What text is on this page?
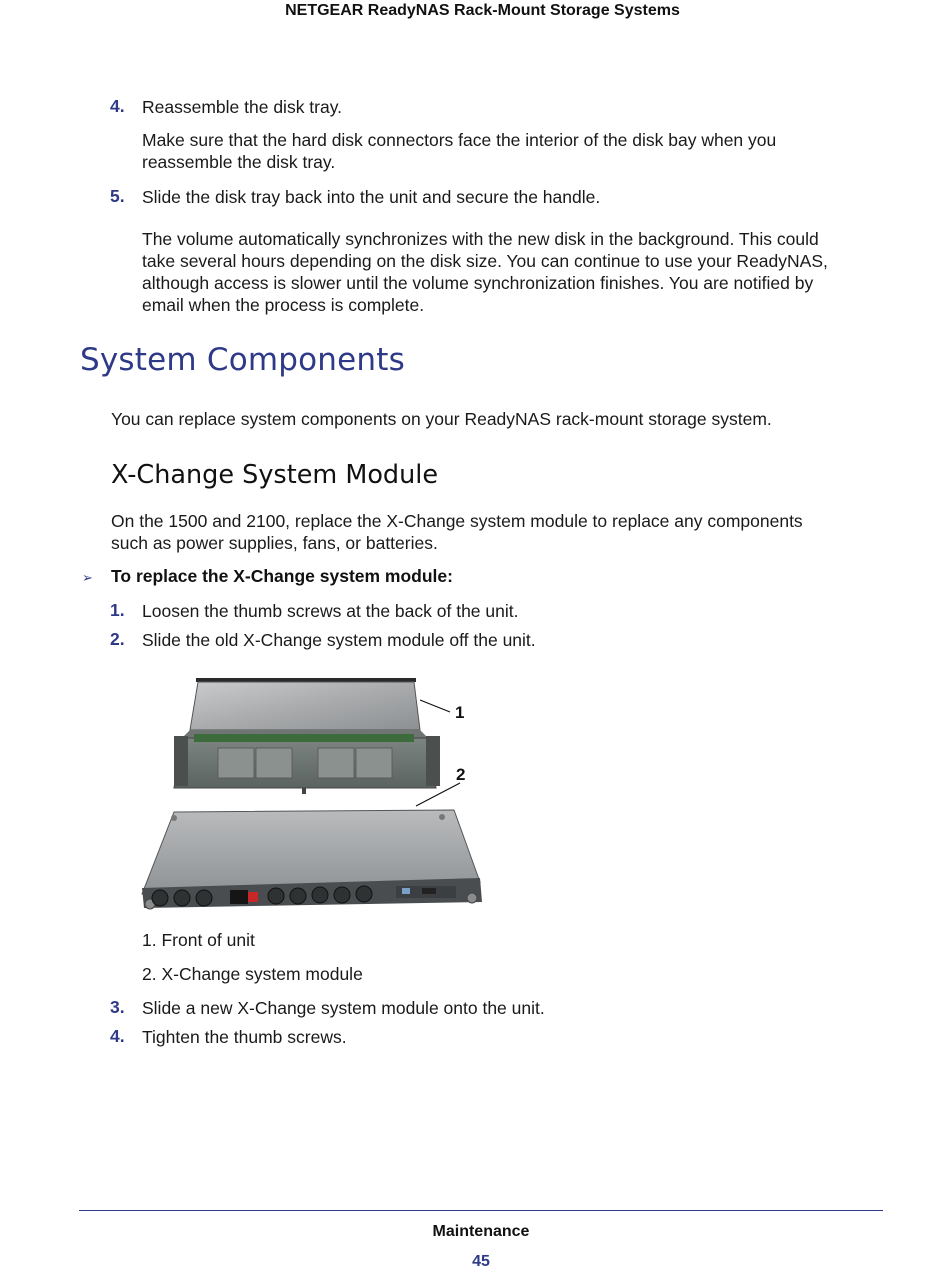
NETGEAR ReadyNAS Rack-Mount Storage Systems
4. Reassemble the disk tray.
Make sure that the hard disk connectors face the interior of the disk bay when you
reassemble the disk tray.
5. Slide the disk tray back into the unit and secure the handle.
The volume automatically synchronizes with the new disk in the background. This could
take several hours depending on the disk size. You can continue to use your ReadyNAS,
although access is slower until the volume synchronization finishes. You are notified by
email when the process is complete.
System Components
You can replace system components on your ReadyNAS rack-mount storage system.
X-Change System Module
On the 1500 and 2100, replace the X-Change system module to replace any components
such as power supplies, fans, or batteries.
➢ To replace the X-Change system module:
1. Loosen the thumb screws at the back of the unit.
2. Slide the old X-Change system module off the unit.
1
2
1. Front of unit
2. X-Change system module
3. Slide a new X-Change system module onto the unit.
4. Tighten the thumb screws.
Maintenance
45
